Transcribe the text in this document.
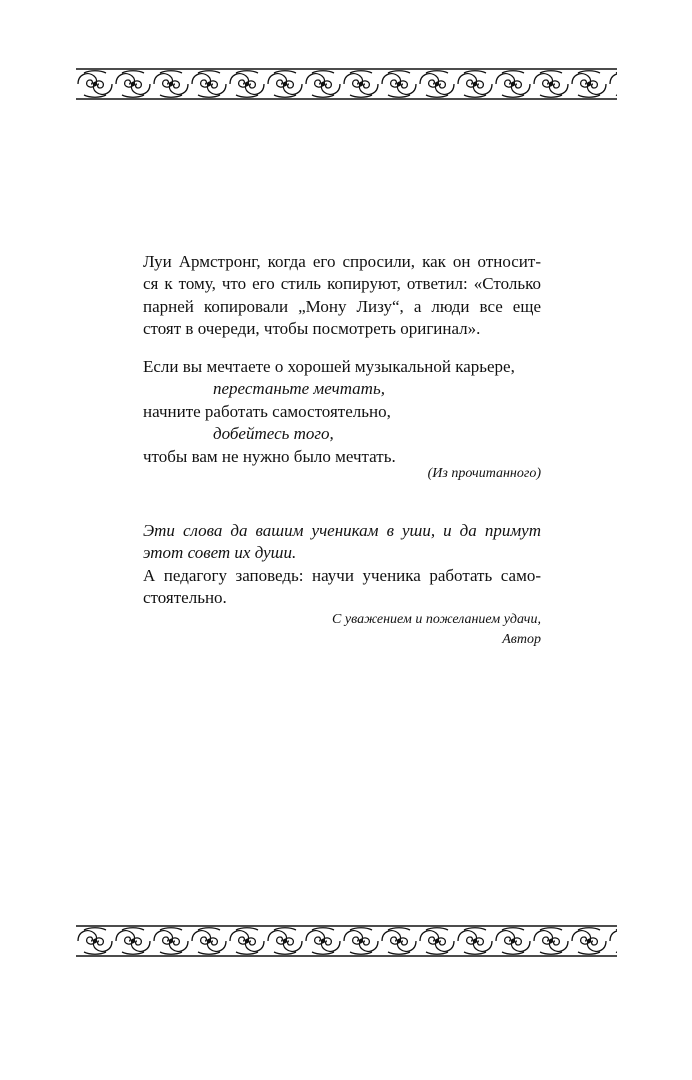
Луи Армстронг, когда его спросили, как он относит-
ся к тому, что его стиль копируют, ответил: «Столько
парней копировали „Мону Лизу“, а люди все еще
стоят в очереди, чтобы посмотреть оригинал».
Если вы мечтаете о хорошей музыкальной карьере,
перестаньте мечтать,
начните работать самостоятельно,
добейтесь того,
чтобы вам не нужно было мечтать.
(Из прочитанного)
Эти слова да вашим ученикам в уши, и да примут
этот совет их души.
А педагогу заповедь: научи ученика работать само-
стоятельно.
С уважением и пожеланием удачи,
Автор
